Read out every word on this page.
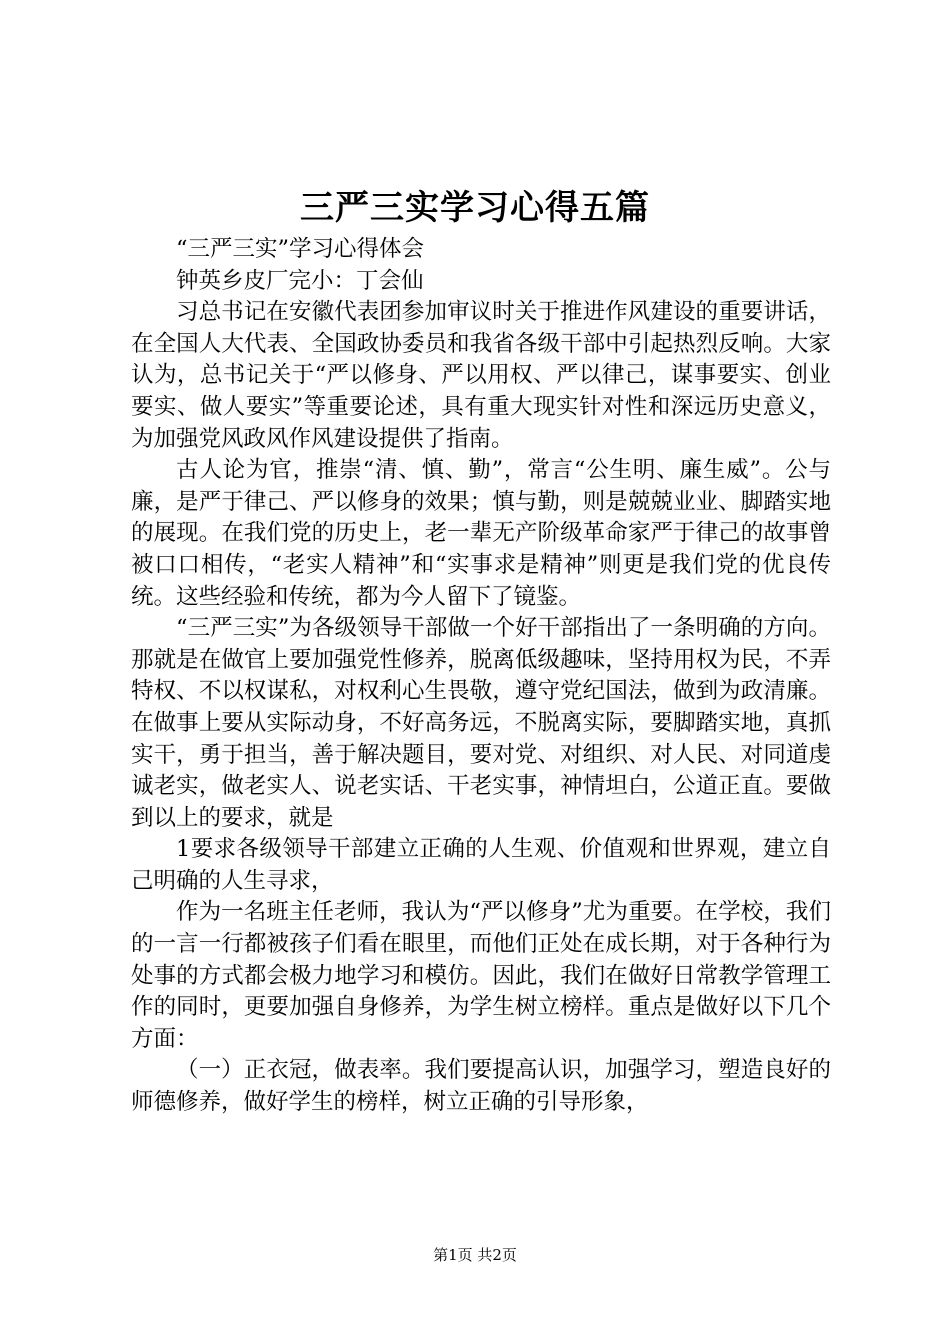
三严三实学习心得五篇

“三严三实”学习心得体会

钟英乡皮厂完小：丁会仙

习总书记在安徽代表团参加审议时关于推进作风建设的重要讲话，在全国人大代表、全国政协委员和我省各级干部中引起热烈反响。大家认为，总书记关于“严以修身、严以用权、严以律己，谋事要实、创业要实、做人要实”等重要论述，具有重大现实针对性和深远历史意义，为加强党风政风作风建设提供了指南。

古人论为官，推崇“清、慎、勤”，常言“公生明、廉生威”。公与廉，是严于律己、严以修身的效果；慎与勤，则是兢兢业业、脚踏实地的展现。在我们党的历史上，老一辈无产阶级革命家严于律己的故事曾被口口相传，“老实人精神”和“实事求是精神”则更是我们党的优良传统。这些经验和传统，都为今人留下了镜鉴。

“三严三实”为各级领导干部做一个好干部指出了一条明确的方向。那就是在做官上要加强党性修养，脱离低级趣味，坚持用权为民，不弄特权、不以权谋私，对权利心生畏敬，遵守党纪国法，做到为政清廉。在做事上要从实际动身，不好高务远，不脱离实际，要脚踏实地，真抓实干，勇于担当，善于解决题目，要对党、对组织、对人民、对同道虔诚老实，做老实人、说老实话、干老实事，神情坦白，公道正直。要做到以上的要求，就是

1要求各级领导干部建立正确的人生观、价值观和世界观，建立自己明确的人生寻求，

作为一名班主任老师，我认为“严以修身”尤为重要。在学校，我们的一言一行都被孩子们看在眼里，而他们正处在成长期，对于各种行为处事的方式都会极力地学习和模仿。因此，我们在做好日常教学管理工作的同时，更要加强自身修养，为学生树立榜样。重点是做好以下几个方面：

（一）正衣冠，做表率。我们要提高认识，加强学习，塑造良好的师德修养，做好学生的榜样，树立正确的引导形象，

第1页 共2页
